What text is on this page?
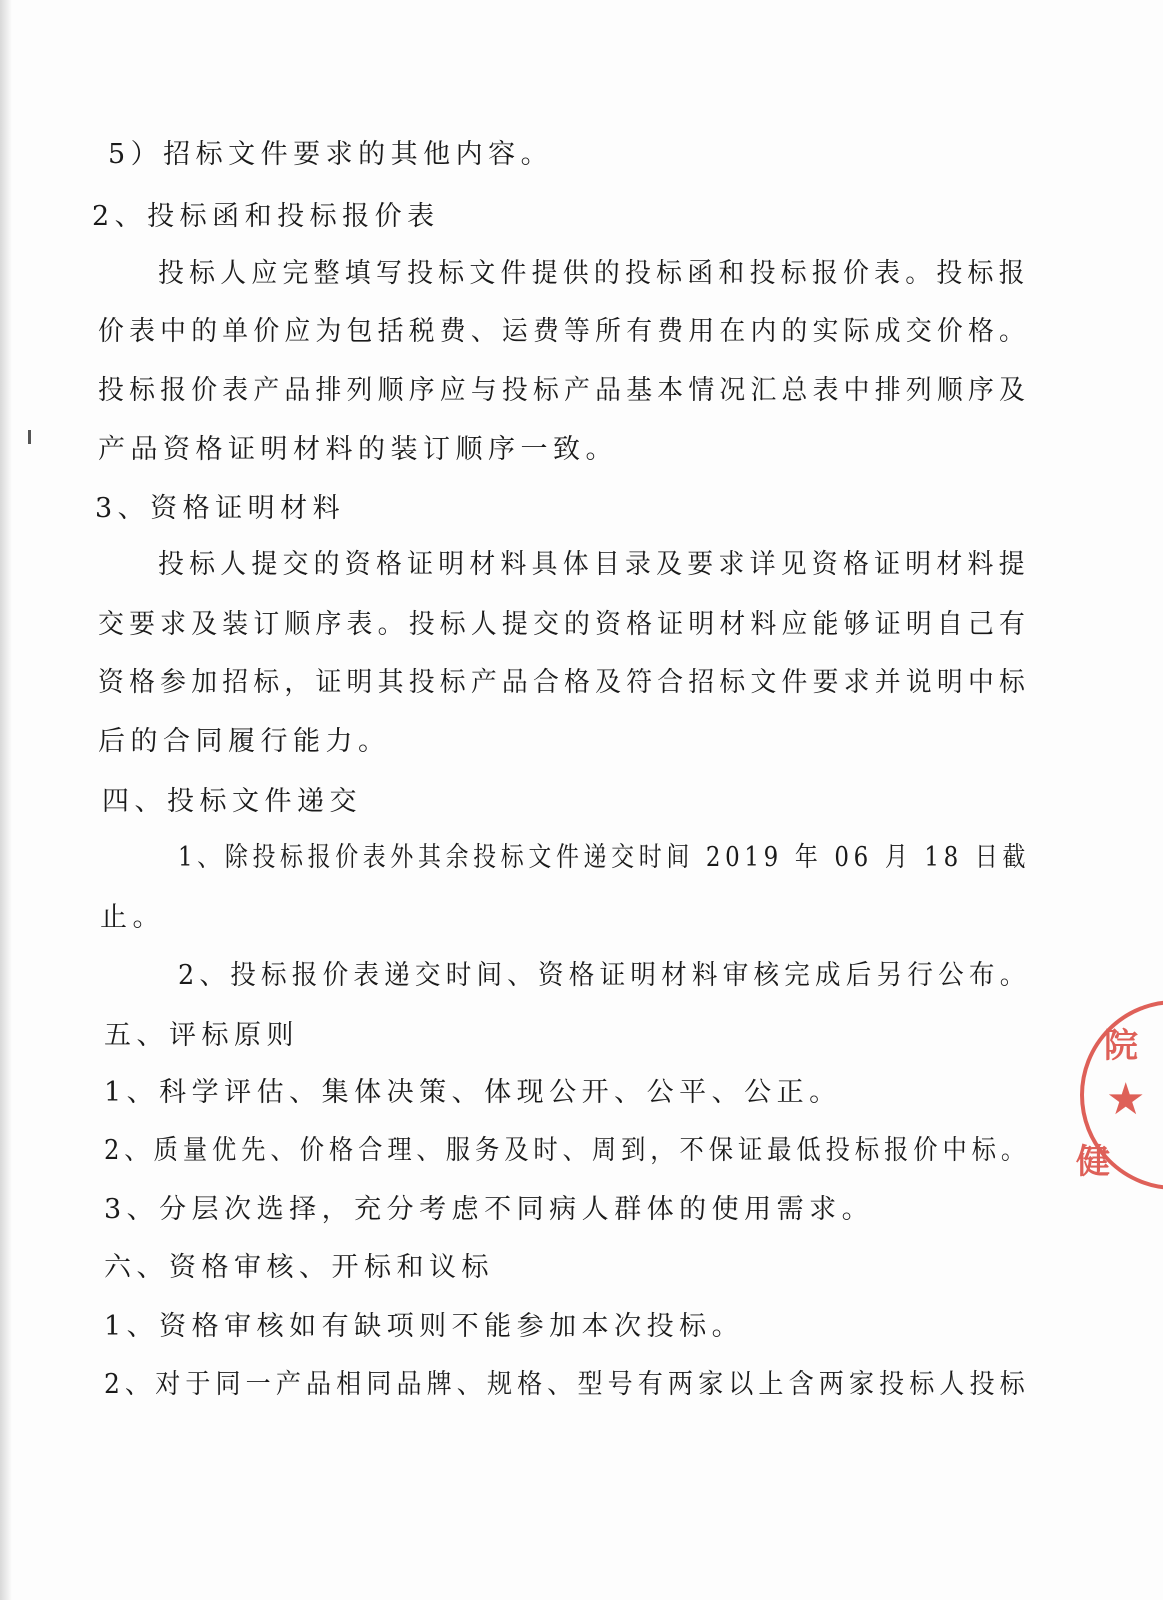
5）招标文件要求的其他内容。
2、投标函和投标报价表
投标人应完整填写投标文件提供的投标函和投标报价表。投标报
价表中的单价应为包括税费、运费等所有费用在内的实际成交价格。
投标报价表产品排列顺序应与投标产品基本情况汇总表中排列顺序及
产品资格证明材料的装订顺序一致。
3、资格证明材料
投标人提交的资格证明材料具体目录及要求详见资格证明材料提
交要求及装订顺序表。投标人提交的资格证明材料应能够证明自己有
资格参加招标，证明其投标产品合格及符合招标文件要求并说明中标
后的合同履行能力。
四、投标文件递交
1、除投标报价表外其余投标文件递交时间 2019 年 06 月 18 日截
止。
2、投标报价表递交时间、资格证明材料审核完成后另行公布。
五、评标原则
1、科学评估、集体决策、体现公开、公平、公正。
2、质量优先、价格合理、服务及时、周到，不保证最低投标报价中标。
3、分层次选择，充分考虑不同病人群体的使用需求。
六、资格审核、开标和议标
1、资格审核如有缺项则不能参加本次投标。
2、对于同一产品相同品牌、规格、型号有两家以上含两家投标人投标
院
★
健
